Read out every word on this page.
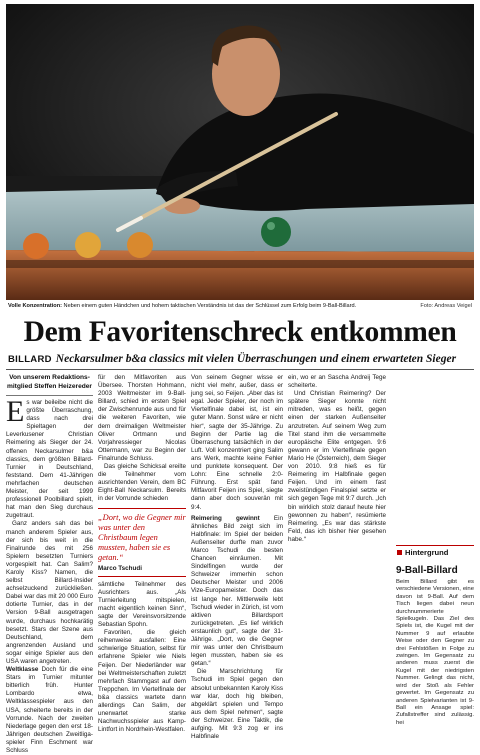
Volle Konzentration: Neben einem guten Händchen und hohem taktischen Verständnis ist das der Schlüssel zum Erfolg beim 9-Ball-Billard.	Foto: Andreas Veigel
Dem Favoritenschreck entkommen
BILLARD Neckarsulmer b&a classics mit vielen Überraschungen und einem erwarteten Sieger
Von unserem Redaktions-
mitglied Steffen Heizereder

Es war beileibe nicht die größte Überraschung, dass nach drei Spieltagen der Leverkusener Christian Reimering als Sieger der 24. offenen Neckarsulmer b&a classics, dem größten Billard-Turnier in Deutschland, feststand. Dem 41-Jährigen mehrfachen deutschen Meister, der seit 1999 professionell Poolbillard spielt, hat man den Sieg durchaus zugetraut.

Ganz anders sah das bei manch anderem Spieler aus, der sich bis weit in die Finalrunde des mit 256 Spielern besetzten Turniers vorgespielt hat. Can Salim? Karoly Kiss? Namen, die selbst Billard-Insider achselzuckend zurückließen. Dabei war das mit 20 000 Euro dotierte Turnier, das in der Version 9-Ball ausgetragen wurde, durchaus hochkarätig besetzt. Stars der Szene aus Deutschland, dem angrenzenden Ausland und sogar einige Spieler aus den USA waren angetreten.

Weltklasse Doch für die eine Stars im Turnier mitunter bitterlich früh. Hunter Lombardo etwa, Weltklassespieler aus den USA, scheiterte bereits in der Vorrunde. Nach der zweiten Niederlage gegen den erst 18-Jährigen deutschen Zweitliga-spieler Finn Eschment war Schluss

für den Mitfavoriten aus Übersee. Thorsten Hohmann, 2003 Weltmeister im 9-Ball-Billard, schied im ersten Spiel der Zwischenrunde aus und für die weiteren Favoriten, wie dem dreimaligen Weltmeister Oliver Ortmann und Vorjahressieger Nicolas Ottermann, war zu Beginn der Finalrunde Schluss.

Das gleiche Schicksal ereilte die Teilnehmer vom ausrichtenden Verein, dem BC Eight-Ball Neckarsulm. Bereits in der Vorrunde schieden

„Dort, wo die Gegner mir was unter den Christbaum legen mussten, haben sie es getan.“
Marco Tschudi

sämtliche Teilnehmer des Ausrichters aus. „Als Turnierleitung mitspielen, macht eigentlich keinen Sinn“, sagte der Vereinsvorsitzende Sebastian Spohn.

Favoriten, die gleich reihenweise ausfallen: Eine schwierige Situation, selbst für erfahrene Spieler wie Niels Feijen. Der Niederländer war bei Weltmeisterschaften zuletzt mehrfach Stammgast auf dem Treppchen. Im Viertelfinale der b&a classics wartete dann allerdings Can Salim, der unerwartet starke Nachwuchsspieler aus Kamp-Lintfort in Nordrhein-Westfalen.

Von seinem Gegner wisse er nicht viel mehr, außer, dass er jung sei, so Feijen. „Aber das ist egal. Jeder Spieler, der noch im Viertelfinale dabei ist, ist ein guter Mann. Sonst wäre er nicht hier“, sagte der 35-Jährige. Zu Beginn der Partie lag die Überraschung tatsächlich in der Luft. Voll konzentriert ging Salim ans Werk, machte keine Fehler und punktete konsequent. Der Lohn: Eine schnelle 2:0-Führung. Erst spät fand Mitfavorit Feijen ins Spiel, siegte dann aber doch souverän mit 9:4.

Reimering gewinnt Ein ähnliches Bild zeigt sich im Halbfinale: Im Spiel der beiden Außenseiter durfte man zuvor Marco Tschudi die besten Chancen einräumen. Mit Sindelfingen wurde der Schweizer immerhin schon Deutscher Meister und 2006 Vize-Europameister. Doch das ist lange her. Mittlerweile lebt Tschudi wieder in Zürich, ist vom aktiven Billardsport zurückgetreten. „Es lief wirklich erstaunlich gut“, sagte der 31-Jährige. „Dort, wo die Gegner mir was unter den Christbaum legen mussten, haben sie es getan.“

Die Marschrichtung für Tschudi im Spiel gegen den absolut unbekannten Karoly Kiss war klar, doch hig bleiben, abgeklärt spielen und Tempo aus dem Spiel nehmen“, sagte der Schweizer. Eine Taktik, die aufging. Mit 9:3 zog er ins Halbfinale

ein, wo er an Sascha Andreij Tege scheiterte.

Und Christian Reimering? Der spätere Sieger konnte nicht mitreden, was es heißt, gegen einen der starken Außenseiter anzutreten. Auf seinem Weg zum Titel stand ihm die versammelte europäische Elite entgegen. 9:6 gewann er im Viertelfinale gegen Mario He (Österreich), dem Sieger von 2010. 9:8 hieß es für Reimering im Halbfinale gegen Feijen. Und im einem fast zweistündigen Finalspiel setzte er sich gegen Tege mit 9:7 durch. „Ich bin wirklich stolz darauf heute hier gewonnen zu haben“, resümierte Reimering. „Es war das stärkste Feld, das ich bisher hier gesehen habe.“

Hintergrund
9-Ball-Billard
Beim Billard gibt es verschiedene Versionen, eine davon ist 9-Ball. Auf dem Tisch liegen dabei neun durchnummerierte Spielkugeln. Das Ziel des Spiels ist, die Kugel mit der Nummer 9 auf erlaubte Weise oder den Gegner zu drei Fehlstößen in Folge zu zwingen. Im Gegensatz zu anderen muss zuerst die Kugel mit der niedrigsten Nummer. Gelingt das nicht, wird der Stoß als Fehler gewertet. Im Gegensatz zu anderen Spielvarianten ist 9-Ball ein Ansage spiel: Zufallstreffer sind zulässig. hei
